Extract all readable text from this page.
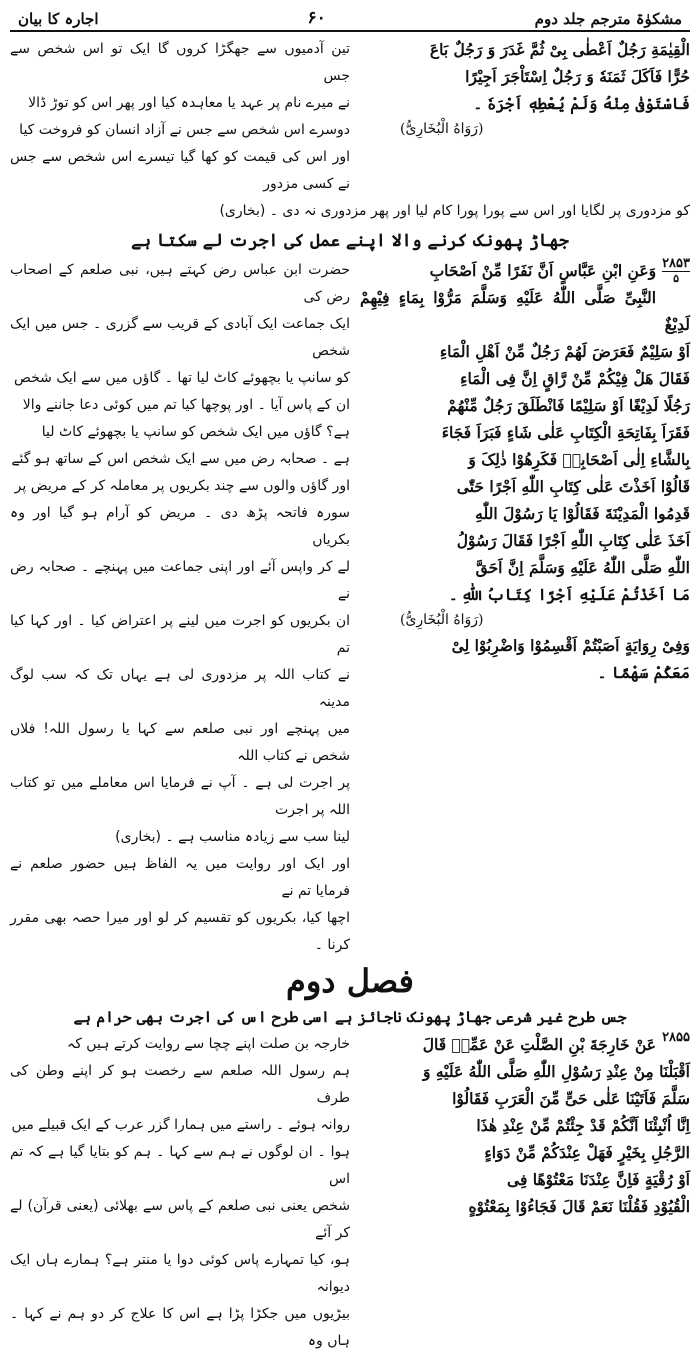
اجارہ کا بیان	۶۰	مشکوٰۃ مترجم جلد دوم
الْقِیٰمَةِ رَجُلٌ اَعْطٰی بِیْ ثُمَّ غَدَرَ وَ رَجُلٌ بَاعَ
حُرًّا فَاَکَلَ ثَمَنَهٗ وَ رَجُلٌ اِسْتَاْجَرَ اَجِیْرًا
فَاسْتَوْفٰی مِنْهُ وَلَمْ یُعْطِهٖ اَجْرَهٗ ۔
(رَوَاهُ الْبُخَارِیُّ)
تین آدمیوں سے جھگڑا کروں گا ایک تو اس شخص سے جس
نے میرے نام پر عہد یا معاہدہ کیا اور پھر اس کو توڑ ڈالا
دوسرے اس شخص سے جس نے آزاد انسان کو فروخت کیا
اور اس کی قیمت کو کھا گیا تیسرے اس شخص سے جس نے کسی مزدور
کو مزدوری پر لگایا اور اس سے پورا پورا کام لیا اور پھر مزدوری نہ دی ۔ (بخاری)
جھاڑ پھونک کرنے والا اپنے عمل کی اجرت لے سکتا ہے
۲۸۵۳
۵
وَعَنِ ابْنِ عَبَّاسٍ اَنَّ نَفَرًا مِّنْ اَصْحَابِ
النَّبِیِّ صَلَّی اللّٰهُ عَلَیْهِ وَسَلَّمَ مَرُّوْا بِمَاءٍ فِیْهِمْ لَدِیْغٌ
اَوْ سَلِیْمٌ فَعَرَضَ لَهُمْ رَجُلٌ مِّنْ اَهْلِ الْمَاءِ
فَقَالَ هَلْ فِیْکُمْ مِّنْ رَّاقٍ اِنَّ فِی الْمَاءِ
رَجُلًا لَدِیْغًا اَوْ سَلِیْمًا فَانْطَلَقَ رَجُلٌ مِّنْهُمْ
فَقَرَاَ بِفَاتِحَةِ الْکِتَابِ عَلٰی شَاءٍ فَبَرَاَ فَجَاءَ
بِالشَّاءِ اِلٰی اَصْحَابِهٖ فَکَرِهُوْا ذٰلِکَ وَ
قَالُوْا اَخَذْتَ عَلٰی کِتَابِ اللّٰهِ اَجْرًا حَتّٰی
قَدِمُوا الْمَدِیْنَةَ فَقَالُوْا یَا رَسُوْلَ اللّٰهِ
اَخَذَ عَلٰی کِتَابِ اللّٰهِ اَجْرًا فَقَالَ رَسُوْلُ
اللّٰهِ صَلَّی اللّٰهُ عَلَیْهِ وَسَلَّمَ اِنَّ اَحَقَّ
مَا اَخَذْتُمْ عَلَیْهِ اَجْرًا کِتَابُ اللّٰهِ ۔
(رَوَاهُ الْبُخَارِیُّ)
وَفِیْ رِوَایَةٍ اَصَبْتُمْ اَقْسِمُوْا وَاضْرِبُوْا لِیْ
مَعَکُمْ سَهْمًا ۔
حضرت ابن عباس رض کہتے ہیں، نبی صلعم کے اصحاب رض کی
ایک جماعت ایک آبادی کے قریب سے گزری ۔ جس میں ایک شخص
کو سانپ یا بچھوئے کاٹ لیا تھا ۔ گاؤں میں سے ایک شخص
ان کے پاس آیا ۔ اور پوچھا کیا تم میں کوئی دعا جاننے والا
ہے؟ گاؤں میں ایک شخص کو سانپ یا بچھوئے کاٹ لیا
ہے ۔ صحابہ رض میں سے ایک شخص اس کے ساتھ ہو گئے
اور گاؤں والوں سے چند بکریوں پر معاملہ کر کے مریض پر
سورہ فاتحہ پڑھ دی ۔ مریض کو آرام ہو گیا اور وہ بکریاں
لے کر واپس آئے اور اپنی جماعت میں پہنچے ۔ صحابہ رض نے
ان بکریوں کو اجرت میں لینے پر اعتراض کیا ۔ اور کہا کیا تم
نے کتاب اللہ پر مزدوری لی ہے یہاں تک کہ سب لوگ مدینہ
میں پہنچے اور نبی صلعم سے کہا یا رسول اللہ! فلاں شخص نے کتاب اللہ
پر اجرت لی ہے ۔ آپ نے فرمایا اس معاملے میں تو کتاب اللہ پر اجرت
لینا سب سے زیادہ مناسب ہے ۔ (بخاری)
اور ایک اور روایت میں یہ الفاظ ہیں حضور صلعم نے فرمایا تم نے
اچھا کیا، بکریوں کو تقسیم کر لو اور میرا حصہ بھی مقرر کرنا ۔
فصل دوم
جس طرح غیر شرعی جھاڑ پھونک ناجائز ہے اسی طرح اس کی اجرت بھی حرام ہے
۲۸۵۵
عَنْ خَارِجَةَ بْنِ الصَّلْتِ عَنْ عَمِّهٖ قَالَ
اَقْبَلْنَا مِنْ عِنْدِ رَسُوْلِ اللّٰهِ صَلَّی اللّٰهُ عَلَیْهِ وَ
سَلَّمَ فَاَتَیْنَا عَلٰی حَیٍّ مِّنَ الْعَرَبِ فَقَالُوْا
اِنَّا اُنْبِئْنَا اَنَّکُمْ قَدْ جِئْتُمْ مِّنْ عِنْدِ هٰذَا
الرَّجُلِ بِخَیْرٍ فَهَلْ عِنْدَکُمْ مِّنْ دَوَاءٍ
اَوْ رُقْیَةٍ فَاِنَّ عِنْدَنَا مَعْتُوْهًا فِی
الْقُیُوْدِ فَقُلْنَا نَعَمْ قَالَ فَجَاءُوْا بِمَعْتُوْهٍ
خارجہ بن صلت اپنے چچا سے روایت کرتے ہیں کہ
ہم رسول اللہ صلعم سے رخصت ہو کر اپنے وطن کی طرف
روانہ ہوئے ۔ راستے میں ہمارا گزر عرب کے ایک قبیلے میں
ہوا ۔ ان لوگوں نے ہم سے کہا ۔ ہم کو بتایا گیا ہے کہ تم اس
شخص یعنی نبی صلعم کے پاس سے بھلائی (یعنی قرآن) لے کر آئے
ہو، کیا تمہارے پاس کوئی دوا یا منتر ہے؟ ہمارے ہاں ایک دیوانہ
بیڑیوں میں جکڑا پڑا ہے اس کا علاج کر دو ہم نے کہا ۔ ہاں وہ
